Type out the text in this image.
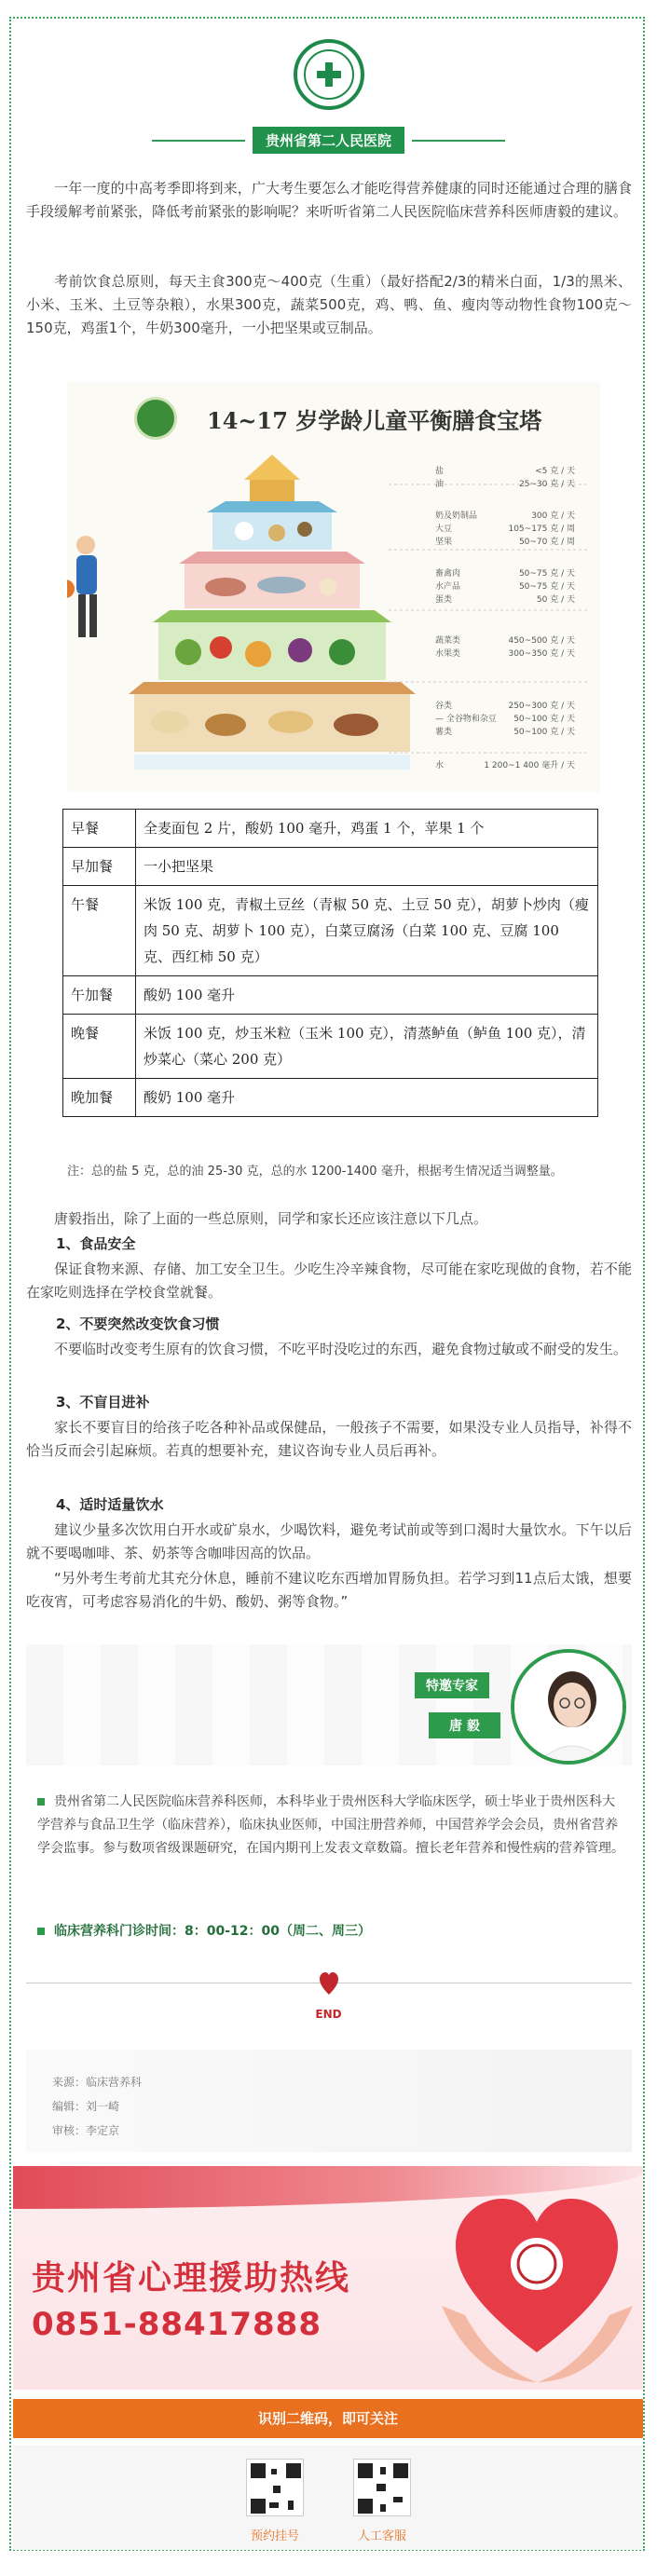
贵州省第二人民医院

一年一度的中高考季即将到来，广大考生要怎么才能吃得营养健康的同时还能通过合理的膳食手段缓解考前紧张，降低考前紧张的影响呢？来听听省第二人民医院临床营养科医师唐毅的建议。

考前饮食总原则，每天主食300克～400克（生重）（最好搭配2/3的精米白面，1/3的黑米、小米、玉米、土豆等杂粮），水果300克，蔬菜500克，鸡、鸭、鱼、瘦肉等动物性食物100克～150克，鸡蛋1个，牛奶300毫升，一小把坚果或豆制品。

14~17 岁学龄儿童平衡膳食宝塔
盐	<5 克 / 天
油	25~30 克 / 天
奶及奶制品	300 克 / 天
大豆	105~175 克 / 周
坚果	50~70 克 / 周
畜禽肉	50~75 克 / 天
水产品	50~75 克 / 天
蛋类	50 克 / 天
蔬菜类	450~500 克 / 天
水果类	300~350 克 / 天
谷类	250~300 克 / 天
— 全谷物和杂豆 50~100 克 / 天
薯类	50~100 克 / 天
水	1 200~1 400 毫升 / 天
早餐	全麦面包 2 片，酸奶 100 毫升，鸡蛋 1 个，苹果 1 个
早加餐	一小把坚果
午餐	米饭 100 克，青椒土豆丝（青椒 50 克、土豆 50 克），胡萝卜炒肉（瘦肉 50 克、胡萝卜 100 克），白菜豆腐汤（白菜 100 克、豆腐 100 克、西红柿 50 克）
午加餐	酸奶 100 毫升
晚餐	米饭 100 克，炒玉米粒（玉米 100 克），清蒸鲈鱼（鲈鱼 100 克），清炒菜心（菜心 200 克）
晚加餐	酸奶 100 毫升

注：总的盐 5 克，总的油 25-30 克，总的水 1200-1400 毫升，根据考生情况适当调整量。

唐毅指出，除了上面的一些总原则，同学和家长还应该注意以下几点。

1、食品安全

保证食物来源、存储、加工安全卫生。少吃生冷辛辣食物，尽可能在家吃现做的食物，若不能在家吃则选择在学校食堂就餐。

2、不要突然改变饮食习惯

不要临时改变考生原有的饮食习惯，不吃平时没吃过的东西，避免食物过敏或不耐受的发生。

3、不盲目进补

家长不要盲目的给孩子吃各种补品或保健品，一般孩子不需要，如果没专业人员指导，补得不恰当反而会引起麻烦。若真的想要补充，建议咨询专业人员后再补。

4、适时适量饮水

建议少量多次饮用白开水或矿泉水，少喝饮料，避免考试前或等到口渴时大量饮水。下午以后就不要喝咖啡、茶、奶茶等含咖啡因高的饮品。

“另外考生考前尤其充分休息，睡前不建议吃东西增加胃肠负担。若学习到11点后太饿，想要吃夜宵，可考虑容易消化的牛奶、酸奶、粥等食物。”

特邀专家
唐 毅
贵州省第二人民医院临床营养科医师，本科毕业于贵州医科大学临床医学，硕士毕业于贵州医科大学营养与食品卫生学（临床营养），临床执业医师，中国注册营养师，中国营养学会会员，贵州省营养学会监事。参与数项省级课题研究，在国内期刊上发表文章数篇。擅长老年营养和慢性病的营养管理。
临床营养科门诊时间：8：00-12：00（周二、周三）
END
来源：临床营养科
编辑：刘一崎
审核：李定京
贵州省心理援助热线
0851-88417888
识别二维码，即可关注
预约挂号	人工客服
